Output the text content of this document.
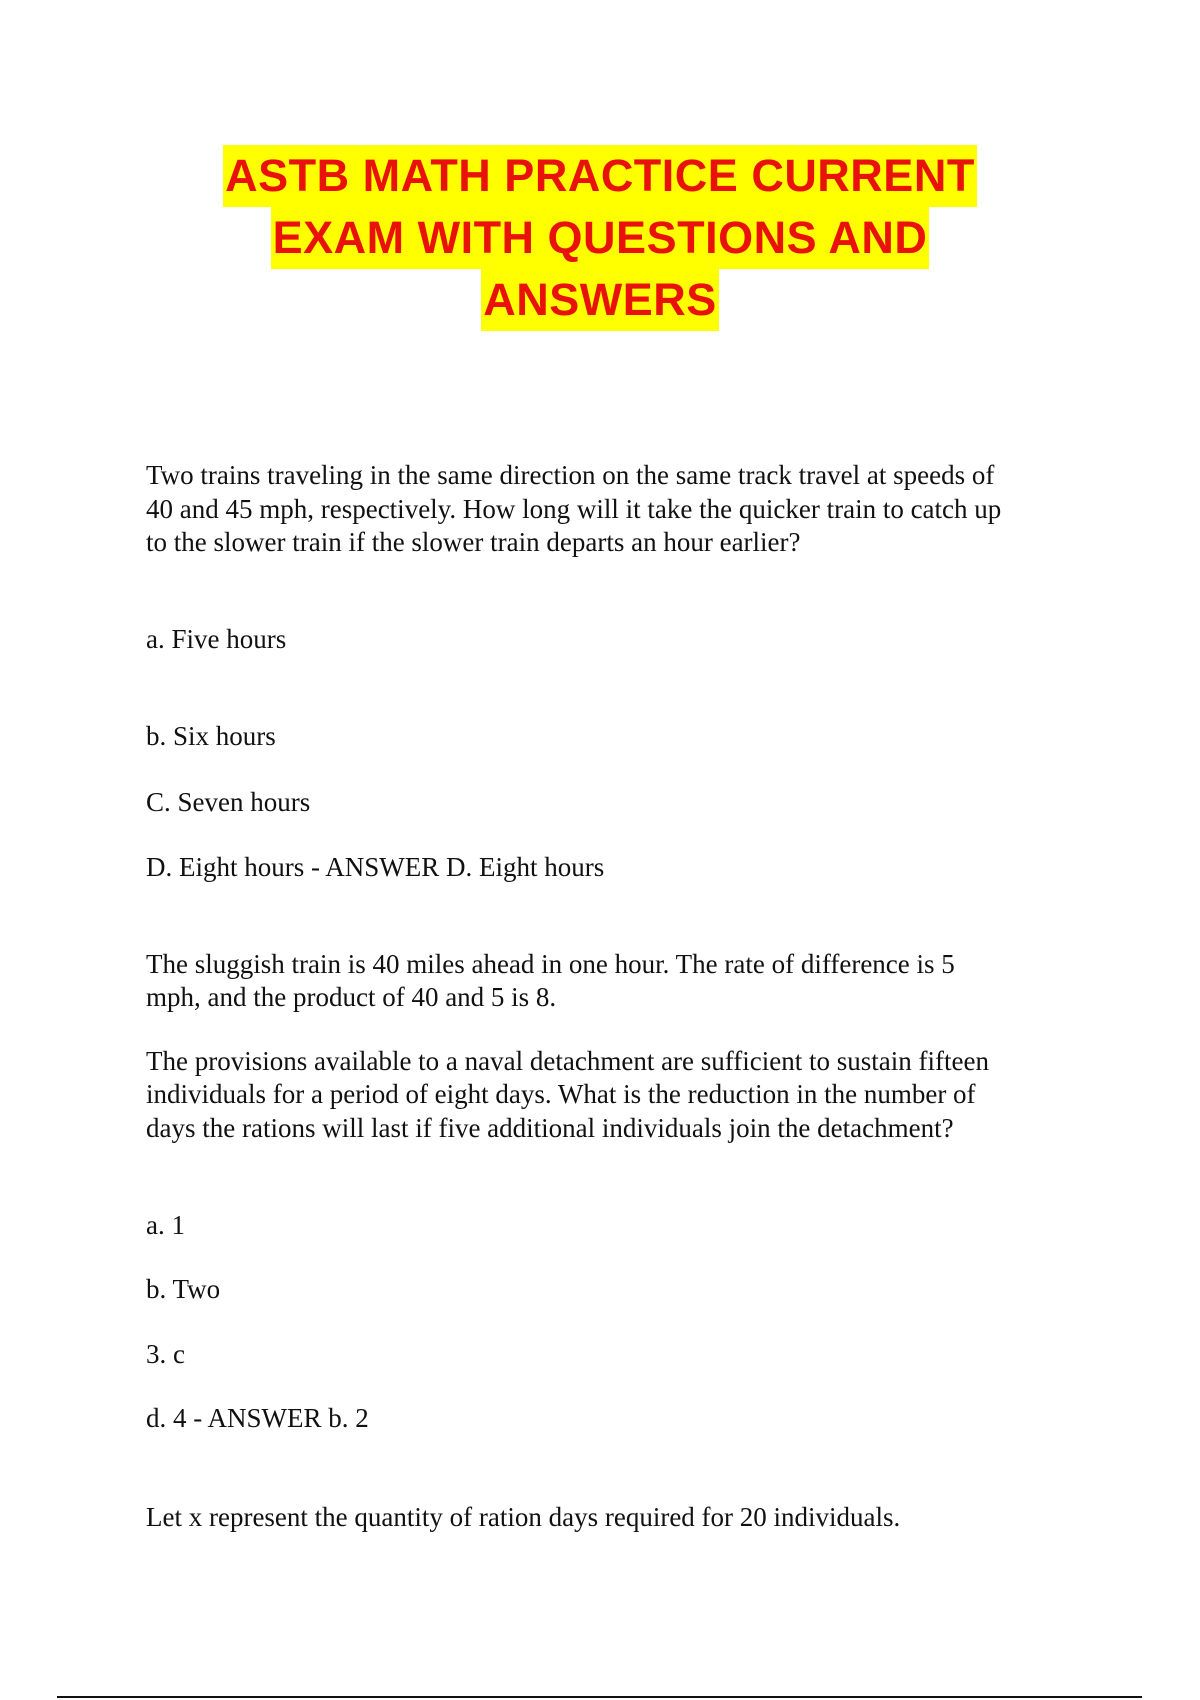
ASTB MATH PRACTICE CURRENT
EXAM WITH QUESTIONS AND
ANSWERS
Two trains traveling in the same direction on the same track travel at speeds of
40 and 45 mph, respectively. How long will it take the quicker train to catch up
to the slower train if the slower train departs an hour earlier?
a. Five hours
b. Six hours
C. Seven hours
D. Eight hours - ANSWER D. Eight hours
The sluggish train is 40 miles ahead in one hour. The rate of difference is 5
mph, and the product of 40 and 5 is 8.
The provisions available to a naval detachment are sufficient to sustain fifteen
individuals for a period of eight days. What is the reduction in the number of
days the rations will last if five additional individuals join the detachment?
a. 1
b. Two
3. c
d. 4 - ANSWER b. 2
Let x represent the quantity of ration days required for 20 individuals.
